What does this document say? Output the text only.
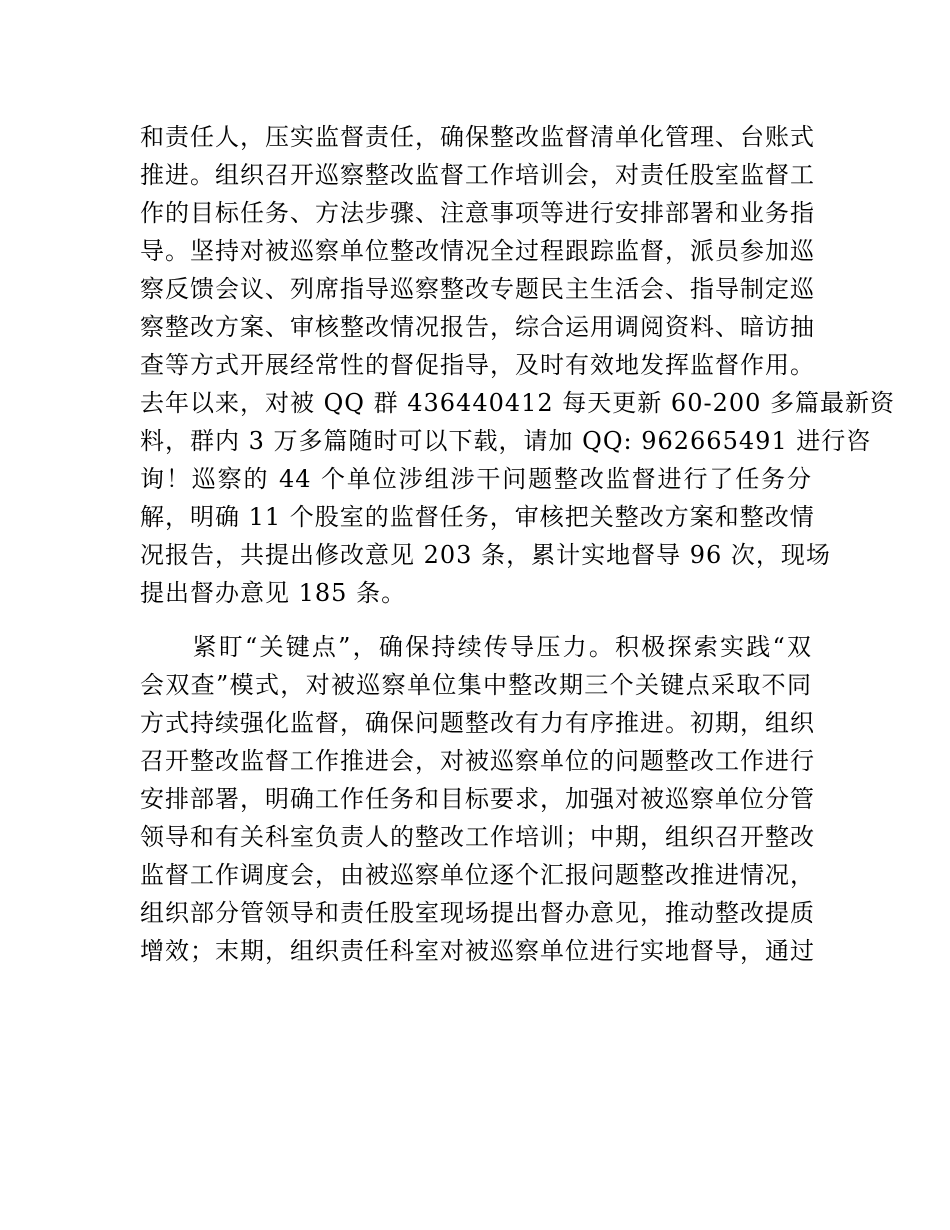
和责任人，压实监督责任，确保整改监督清单化管理、台账式
推进。组织召开巡察整改监督工作培训会，对责任股室监督工
作的目标任务、方法步骤、注意事项等进行安排部署和业务指
导。坚持对被巡察单位整改情况全过程跟踪监督，派员参加巡
察反馈会议、列席指导巡察整改专题民主生活会、指导制定巡
察整改方案、审核整改情况报告，综合运用调阅资料、暗访抽
查等方式开展经常性的督促指导，及时有效地发挥监督作用。
去年以来，对被 QQ 群 436440412 每天更新 60-200 多篇最新资
料，群内 3 万多篇随时可以下载，请加 QQ: 962665491 进行咨
询！巡察的 44 个单位涉组涉干问题整改监督进行了任务分
解，明确 11 个股室的监督任务，审核把关整改方案和整改情
况报告，共提出修改意见 203 条，累计实地督导 96 次，现场
提出督办意见 185 条。
　　紧盯“关键点”，确保持续传导压力。积极探索实践“双
会双查”模式，对被巡察单位集中整改期三个关键点采取不同
方式持续强化监督，确保问题整改有力有序推进。初期，组织
召开整改监督工作推进会，对被巡察单位的问题整改工作进行
安排部署，明确工作任务和目标要求，加强对被巡察单位分管
领导和有关科室负责人的整改工作培训；中期，组织召开整改
监督工作调度会，由被巡察单位逐个汇报问题整改推进情况，
组织部分管领导和责任股室现场提出督办意见，推动整改提质
增效；末期，组织责任科室对被巡察单位进行实地督导，通过
